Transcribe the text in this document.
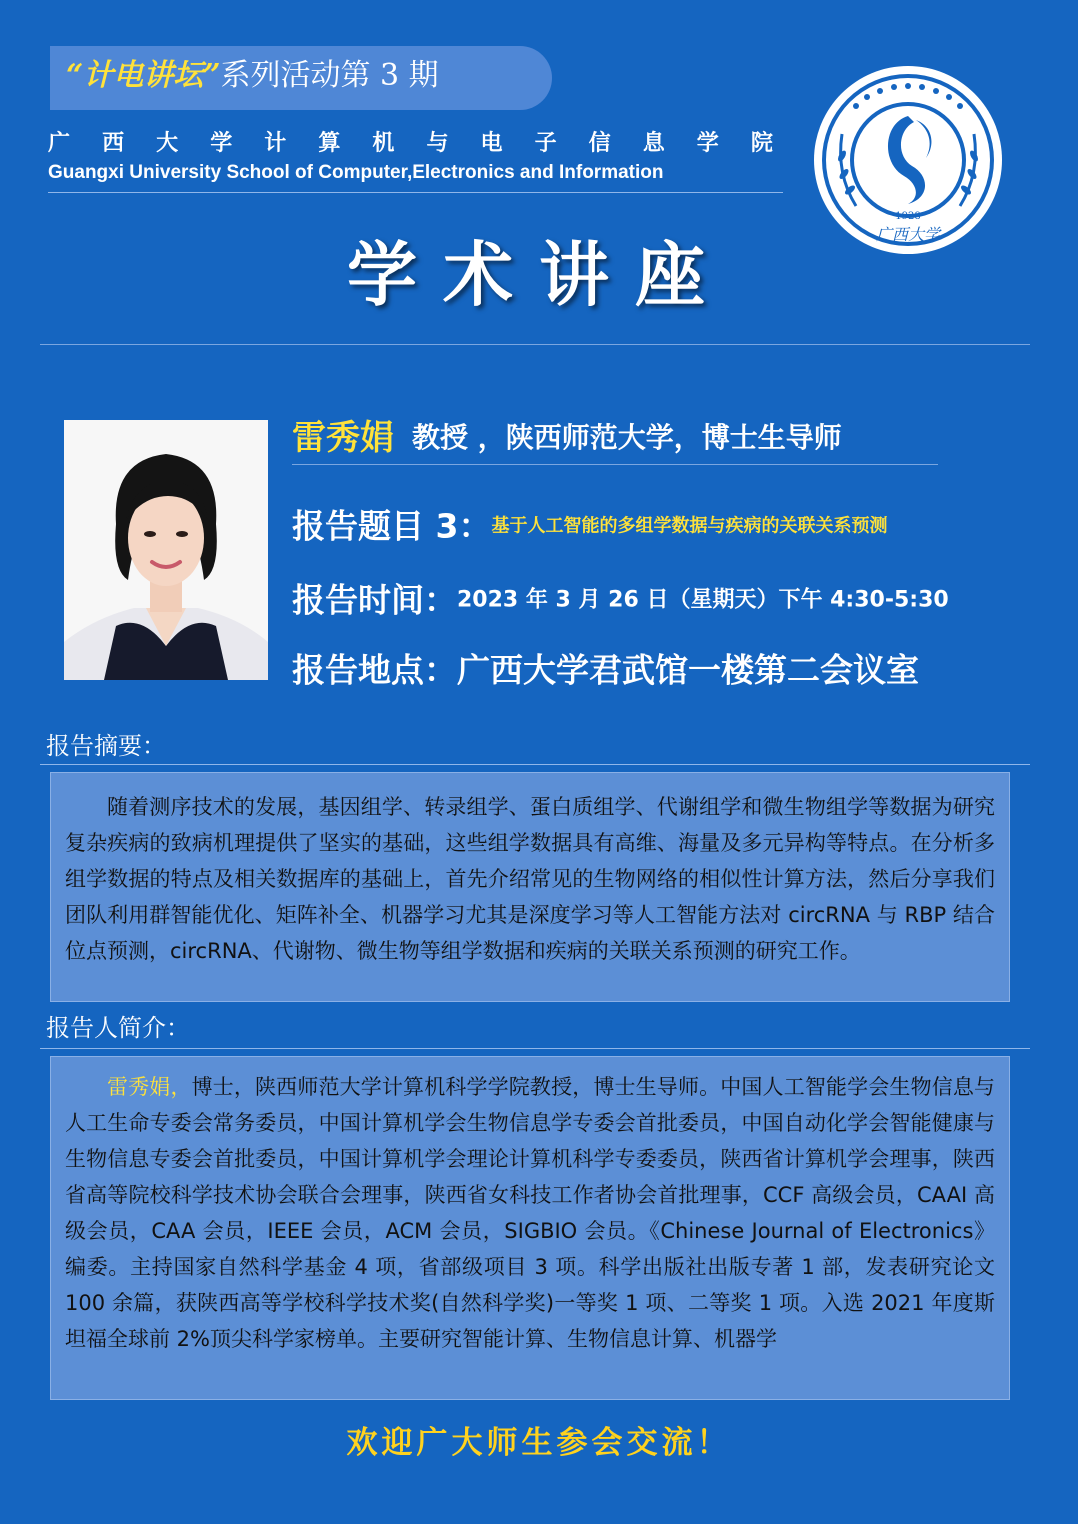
“计电讲坛”系列活动第 3 期
广 西 大 学 计 算 机 与 电 子 信 息 学 院
Guangxi University School of Computer,Electronics and Information
1928
广西大学
学术讲座
雷秀娟 教授 ，陕西师范大学，博士生导师
报告题目 3：基于人工智能的多组学数据与疾病的关联关系预测
报告时间：2023 年 3 月 26 日（星期天）下午 4:30-5:30
报告地点：广西大学君武馆一楼第二会议室
报告摘要：

随着测序技术的发展，基因组学、转录组学、蛋白质组学、代谢组学和微生物组学等数据为研究复杂疾病的致病机理提供了坚实的基础，这些组学数据具有高维、海量及多元异构等特点。在分析多组学数据的特点及相关数据库的基础上，首先介绍常见的生物网络的相似性计算方法，然后分享我们团队利用群智能优化、矩阵补全、机器学习尤其是深度学习等人工智能方法对 circRNA 与 RBP 结合位点预测，circRNA、代谢物、微生物等组学数据和疾病的关联关系预测的研究工作。

报告人简介：

雷秀娟，博士，陕西师范大学计算机科学学院教授，博士生导师。中国人工智能学会生物信息与人工生命专委会常务委员，中国计算机学会生物信息学专委会首批委员，中国自动化学会智能健康与生物信息专委会首批委员，中国计算机学会理论计算机科学专委委员，陕西省计算机学会理事，陕西省高等院校科学技术协会联合会理事，陕西省女科技工作者协会首批理事，CCF 高级会员，CAAI 高级会员，CAA 会员，IEEE 会员，ACM 会员，SIGBIO 会员。《Chinese Journal of Electronics》编委。主持国家自然科学基金 4 项，省部级项目 3 项。科学出版社出版专著 1 部，发表研究论文 100 余篇，获陕西高等学校科学技术奖(自然科学奖)一等奖 1 项、二等奖 1 项。入选 2021 年度斯坦福全球前 2%顶尖科学家榜单。主要研究智能计算、生物信息计算、机器学

欢迎广大师生参会交流！
